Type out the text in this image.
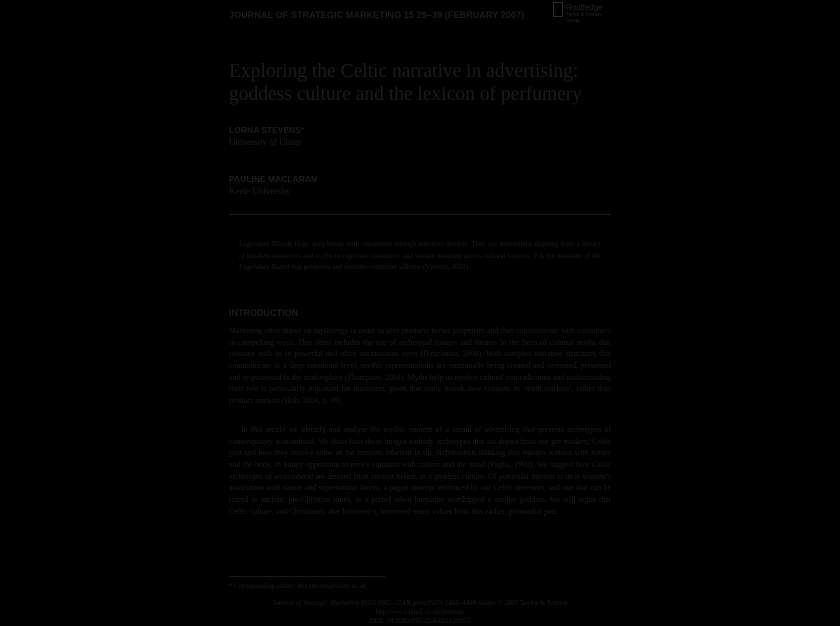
JOURNAL OF STRATEGIC MARKETING 15 29–39 (FEBRUARY 2007)
Routledge
Taylor & Francis Group
Exploring the Celtic narrative in advertising:
goddess culture and the lexicon of perfumery
LORNA STEVENS*
University of Ulster
PAULINE MACLARAN
Keele University
Legendary Brands forge deep bonds with consumers through narrative devices. They are storytellers, drawing from a library of timeless narratives and myths to captivate consumers and sustain meaning across cultural borders. It is the narrative of the Legendary Brand that generates and sustains consumer affinity. (Vincent, 2002)
INTRODUCTION
Marketing often draws on mythology in order to give products heroic properties and thus communicate with consumers in compelling ways. This often includes the use of archetypal images and themes in the form of cultural myths that resonate with us in powerful and often unconscious ways (Hirschman, 2000). With complex narrative structures that communicate at a deep emotional level, mythic representations are continually being created and recreated, presented and re-presented in the marketplace (Thompson, 2004). Myths help us resolve cultural contradictions and understanding their role is particularly important for marketers, given that many brands now compete in ‘myth markets’, rather than product markets (Holt, 2004, p. 39).
In this article we identify and analyse the mythic content of a strand of advertising that presents archetypes of contemporary womanhood. We show how these images embody archetypes that are drawn from our pre-modern, Celtic past and how they resolve some of the tensions inherent in the dichotomous thinking that equates women with nature and the body, in binary opposition to men’s equation with culture and the mind (Paglia, 1992). We suggest how Celtic archetypes of womanhood are derived from ancient beliefs in a goddess culture. Of particular interest to us is women’s association with nature and supernatural forces, a pagan concept embraced by our Celtic ancestors, and one that can be traced to ancient, pre-Christian times, to a period when humanity worshipped a mother goddess. We will argue that Celtic culture, and Christianity that followed it, borrowed many values from this earlier, primordial past.
* Corresponding author: lme.stevens@ulster.ac.uk
Journal of Strategic Marketing ISSN 0965–254X print/ISSN 1466–4488 online © 2007 Taylor & Francis
http://www.tandf.co.uk/journals
DOI: 10.1080/09652540601129973
